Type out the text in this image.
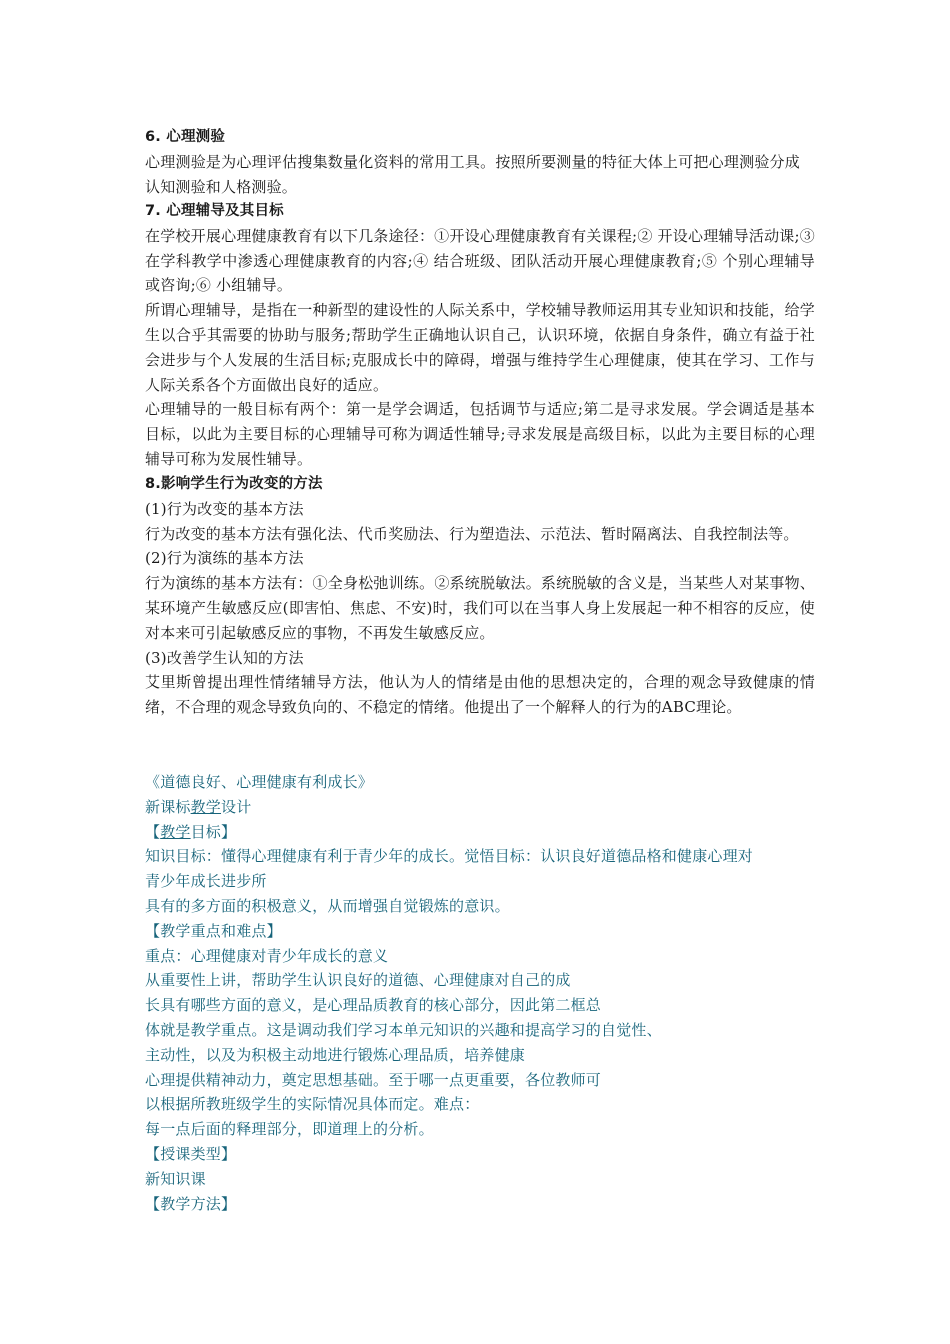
6. 心理测验
心理测验是为心理评估搜集数量化资料的常用工具。按照所要测量的特征大体上可把心理测验分成认知测验和人格测验。
7. 心理辅导及其目标
在学校开展心理健康教育有以下几条途径：①开设心理健康教育有关课程;② 开设心理辅导活动课;③ 在学科教学中渗透心理健康教育的内容;④ 结合班级、团队活动开展心理健康教育;⑤ 个别心理辅导或咨询;⑥ 小组辅导。
所谓心理辅导，是指在一种新型的建设性的人际关系中，学校辅导教师运用其专业知识和技能，给学生以合乎其需要的协助与服务;帮助学生正确地认识自己，认识环境，依据自身条件，确立有益于社会进步与个人发展的生活目标;克服成长中的障碍，增强与维持学生心理健康，使其在学习、工作与人际关系各个方面做出良好的适应。
心理辅导的一般目标有两个：第一是学会调适，包括调节与适应;第二是寻求发展。学会调适是基本目标，以此为主要目标的心理辅导可称为调适性辅导;寻求发展是高级目标，以此为主要目标的心理辅导可称为发展性辅导。
8.影响学生行为改变的方法
(1)行为改变的基本方法
行为改变的基本方法有强化法、代币奖励法、行为塑造法、示范法、暂时隔离法、自我控制法等。
(2)行为演练的基本方法
行为演练的基本方法有：①全身松弛训练。②系统脱敏法。系统脱敏的含义是，当某些人对某事物、某环境产生敏感反应(即害怕、焦虑、不安)时，我们可以在当事人身上发展起一种不相容的反应，使对本来可引起敏感反应的事物，不再发生敏感反应。
(3)改善学生认知的方法
艾里斯曾提出理性情绪辅导方法，他认为人的情绪是由他的思想决定的，合理的观念导致健康的情绪，不合理的观念导致负向的、不稳定的情绪。他提出了一个解释人的行为的ABC理论。
《道德良好、心理健康有利成长》
新课标教学设计
【教学目标】
知识目标：懂得心理健康有利于青少年的成长。觉悟目标：认识良好道德品格和健康心理对
青少年成长进步所
具有的多方面的积极意义，从而增强自觉锻炼的意识。
【教学重点和难点】
重点：心理健康对青少年成长的意义
从重要性上讲，帮助学生认识良好的道德、心理健康对自己的成
长具有哪些方面的意义，是心理品质教育的核心部分，因此第二框总
体就是教学重点。这是调动我们学习本单元知识的兴趣和提高学习的自觉性、
主动性，以及为积极主动地进行锻炼心理品质，培养健康
心理提供精神动力，奠定思想基础。至于哪一点更重要，各位教师可
以根据所教班级学生的实际情况具体而定。难点：
每一点后面的释理部分，即道理上的分析。
【授课类型】
新知识课
【教学方法】
